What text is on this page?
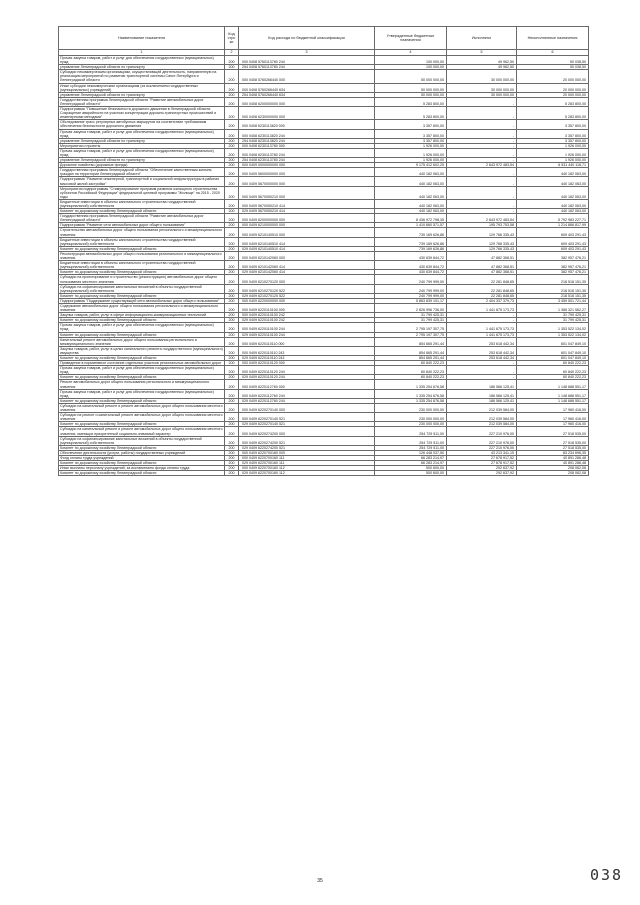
Наименование показателя	Код стро ки	Код расхода по бюджетной классификации	Утвержденные бюджетные назначения	Исполнено	Неисполненные назначения
1	2	3	4	5	6
Прочая закупка товаров, работ и услуг для обеспечения государственных (муниципальных) нужд	200	000 0408 5760113780 244	100 000,00	49 962,50	50 038,50
управление Ленинградской области по транспорту	200	254 0408 5760113780 244	100 000,00	49 962,50	50 038,50
Субсидии некоммерческим организациям, осуществляющей деятельность, направленную на реализацию мероприятий по развитию транспортной системы Санкт-Петербурга и Ленинградской области	200	000 0408 5760266440 000	50 000 000,00	30 000 000,00	20 000 000,00
Иные субсидии некоммерческим организациям (за исключением государственных (муниципальных) учреждений)	200	000 0408 5760266440 634	50 000 000,00	30 000 000,00	20 000 000,00
управление Ленинградской области по транспорту	200	254 0408 5760266440 634	50 000 000,00	30 000 000,00	20 000 000,00
Государственная программа Ленинградской области "Развитие автомобильных дорог Ленинградской области"	200	000 0408 6200000000 000	5 283 800,00	-	5 283 800,00
Подпрограмма "Повышение безопасности дорожного движения в Ленинградской области. Сокращение аварийности на участках концентрации дорожно-транспортных происшествий и инженерными методами"	200	000 0408 6230000000 000	5 283 800,00	-	5 283 800,00
Обследование трасс регулярных автобусных маршрутов на соответствие требованиям обеспечения безопасности дорожного движения	200	000 0408 6230113820 000	3 357 800,00	-	3 357 800,00
Прочая закупка товаров, работ и услуг для обеспечения государственных (муниципальных) нужд	200	000 0408 6230113820 244	3 357 800,00	-	3 357 800,00
управление Ленинградской области по транспорту	200	254 0408 6230113820 244	3 357 800,00	-	3 357 800,00
Мероприятия и проекты	200	000 0408 6230113780 000	1 926 000,00	-	1 926 000,00
Прочая закупка товаров, работ и услуг для обеспечения государственных (муниципальных) нужд	200	000 0408 6230113780 244	1 926 000,00	-	1 926 000,00
управление Ленинградской области по транспорту	200	254 0408 6230113780 244	1 926 000,00	-	1 926 000,00
Дорожное хозяйство (дорожные фонды)	200	000 0409 0000000000 000	9 175 412 602,25	2 643 972 483,54	6 531 440 118,71
Государственная программа Ленинградской области "Обеспечение качественным жильем граждан на территории Ленинградской области"	200	000 0409 5600000000 000	440 182 063,00	-	440 182 063,00
Подпрограмма "Развитие инженерной, транспортной и социальной инфраструктуры в районах массовой жилой застройки"	200	000 0409 5670000000 000	440 182 063,00	-	440 182 063,00
Мероприятия подпрограммы "Стимулирование программ развития жилищного строительства субъектов Российской Федерации" федеральной целевой программы "Жилище" на 2015 - 2020 годы	200	000 0409 5670050210 000	440 182 063,00	-	440 182 063,00
Бюджетные инвестиции в объекты капитального строительства государственной (муниципальной) собственности	200	000 0409 5670050210 414	440 182 063,00	-	440 182 063,00
Комитет по дорожному хозяйству Ленинградской области	200	029 0409 5670050210 414	440 182 063,00	-	440 182 063,00
Государственная программа Ленинградской области "Развитие автомобильных дорог Ленинградской области"	200	000 0409 6200000000 000	8 436 972 798,35	2 643 972 483,54	5 792 983 227,71
Подпрограмма "Развитие сети автомобильных дорог общего пользования"	200	000 0409 6210000000 000	1 410 660 571,57	195 793 753,58	1 214 866 817,99
Строительство автомобильных дорог общего пользования регионального и межмуниципального значения	200	000 0409 6210140510 000	739 169 626,86	129 766 335,43	609 403 291,43
Бюджетные инвестиции в объекты капитального строительства государственной (муниципальной) собственности	200	000 0409 6210140510 414	739 169 626,86	129 766 335,43	609 403 291,43
Комитет по дорожному хозяйству Ленинградской области	200	029 0409 6210140510 414	739 169 626,86	129 766 335,43	609 403 291,43
Реконструкция автомобильных дорог общего пользования регионального и межмуниципального значения	200	000 0409 6210142060 000	430 639 844,72	47 882 368,51	382 957 476,21
Бюджетные инвестиции в объекты капитального строительства государственной (муниципальной) собственности	200	000 0409 6210142060 414	430 639 844,72	47 882 368,51	382 957 476,21
Комитет по дорожному хозяйству Ленинградской области	200	029 0409 6210142060 414	430 639 844,72	47 882 368,51	382 957 476,21
Субсидии на проектирование и строительство (реконструкцию) автомобильных дорог общего пользования местного значения	200	000 0409 6210270120 000	240 799 999,00	22 281 848,65	218 518 151,35
Субсидии на софинансирование капитальных вложений в объекты государственной (муниципальной) собственности	200	000 0409 6210270120 522	240 799 999,00	22 281 848,65	218 518 151,35
Комитет по дорожному хозяйству Ленинградской области	200	029 0409 6210270120 522	240 799 999,00	22 281 848,65	218 518 151,35
Подпрограмма "Поддержание существующей сети автомобильных дорог общего пользования"	200	000 0409 6220000000 000	5 863 839 101,17	2 404 337 379,73	3 459 501 721,44
Содержание автомобильных дорог общего пользования регионального и межмуниципального значения	200	000 0409 6220110100 000	2 826 996 736,00	1 441 675 173,73	1 385 321 562,27
Закупка товаров, работ, услуг в сфере информационно-коммуникационных технологий	200	000 0409 6220110100 242	31 799 425,31	-	31 799 425,31
Комитет по дорожному хозяйству Ленинградской области	200	029 0409 6220110100 242	31 799 425,31	-	31 799 425,31
Прочая закупка товаров, работ и услуг для обеспечения государственных (муниципальных) нужд	200	000 0409 6220110100 244	2 795 197 307,75	1 441 675 173,73	1 353 522 134,02
Комитет по дорожному хозяйству Ленинградской области	200	029 0409 6220110100 244	2 795 197 307,75	1 441 675 173,73	1 353 522 134,02
Капитальный ремонт автомобильных дорог общего пользования регионального и межмуниципального значения	200	000 0409 6220110110 000	854 665 291,44	253 618 442,34	601 047 849,10
Закупка товаров, работ, услуг в целях капитального ремонта государственного (муниципального) имущества	200	000 0409 6220110110 243	854 665 291,44	253 618 442,34	601 047 849,10
Комитет по дорожному хозяйству Ленинградской области	200	029 0409 6220110110 243	854 665 291,44	253 618 442,34	601 047 849,10
Приведение в нормативное состояние отдельных участков региональных автомобильных дорог	200	000 0409 6220110120 000	60 840 222,23	-	60 840 222,23
Прочая закупка товаров, работ и услуг для обеспечения государственных (муниципальных) нужд	200	000 0409 6220110120 244	60 840 222,23	-	60 840 222,23
Комитет по дорожному хозяйству Ленинградской области	200	029 0409 6220110120 244	60 840 222,23	-	60 840 222,23
Ремонт автомобильных дорог общего пользования регионального и межмуниципального значения	200	000 0409 6220112760 000	1 335 254 676,58	186 566 125,41	1 148 688 551,17
Прочая закупка товаров, работ и услуг для обеспечения государственных (муниципальных) нужд	200	000 0409 6220112760 244	1 335 254 676,58	186 566 125,41	1 148 688 551,17
Комитет по дорожному хозяйству Ленинградской области	200	029 0409 6220112760 244	1 335 254 676,58	186 566 125,41	1 148 688 551,17
Субсидии на капитальный ремонт и ремонт автомобильных дорог общего пользования местного значения	200	000 0409 6220270140 000	230 000 000,00	212 039 584,00	17 960 416,00
Субсидии на ремонт и капитальный ремонт автомобильных дорог общего пользования местного значения	200	000 0409 6220270140 521	230 000 000,00	212 039 584,00	17 960 416,00
Комитет по дорожному хозяйству Ленинградской области	200	029 0409 6220270140 521	230 000 000,00	212 039 584,00	17 960 416,00
Субсидии на капитальный ремонт и ремонт автомобильных дорог общего пользования местного значения, имеющих приоритетный социально-значимый характер	200	000 0409 6220274200 000	254 729 511,00	227 210 976,00	27 518 535,00
Субсидии на софинансирование капитальных вложений в объекты государственной (муниципальной) собственности	200	000 0409 6220274200 521	254 729 511,00	227 210 976,00	27 518 535,00
Комитет по дорожному хозяйству Ленинградской области	200	029 0409 6220274200 521	254 729 511,00	227 210 976,00	27 518 535,00
Обеспечение деятельности (услуги, работы) государственных учреждений	200	000 0409 6220700160 000	126 448 037,50	43 213 341,15	83 234 696,35
Фонд оплаты труда учреждений	200	000 0409 6220700160 111	66 283 214,97	27 678 917,52	40 891 286,48
Комитет по дорожному хозяйству Ленинградской области	200	029 0409 6220700160 111	66 283 214,97	27 678 917,52	40 891 286,48
Иные выплаты персоналу учреждений, за исключением фонда оплаты труда	200	000 0409 6220700160 112	500 600,00	292 637,92	208 062,08
Комитет по дорожному хозяйству Ленинградской области	200	029 0409 6220700160 112	500 600,00	292 637,92	208 062,08
35	038
